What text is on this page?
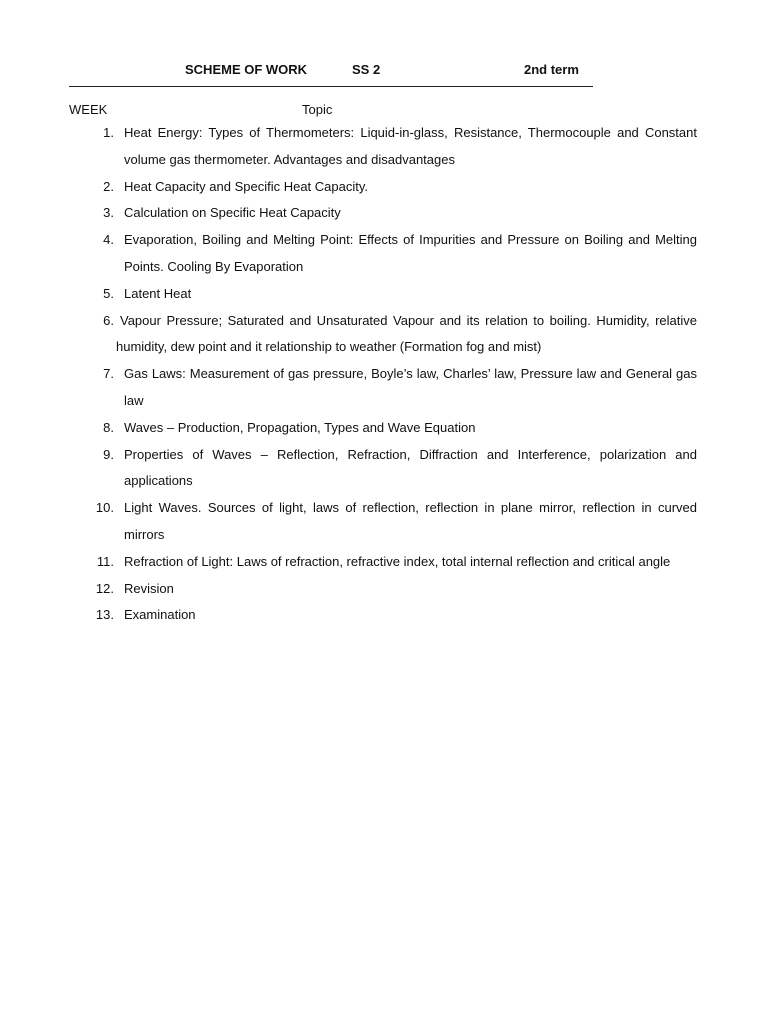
SCHEME OF WORK	SS 2	2nd term
WEEK	Topic
1. Heat Energy: Types of Thermometers: Liquid-in-glass, Resistance, Thermocouple and Constant volume gas thermometer. Advantages and disadvantages
2. Heat Capacity and Specific Heat Capacity.
3. Calculation on Specific Heat Capacity
4. Evaporation, Boiling and Melting Point: Effects of Impurities and Pressure on Boiling and Melting Points. Cooling By Evaporation
5. Latent Heat
6. Vapour Pressure; Saturated and Unsaturated Vapour and its relation to boiling. Humidity, relative humidity, dew point and it relationship to weather (Formation fog and mist)
7. Gas Laws: Measurement of gas pressure, Boyle’s law, Charles’ law, Pressure law and General gas law
8. Waves – Production, Propagation, Types and Wave Equation
9. Properties of Waves – Reflection, Refraction, Diffraction and Interference, polarization and applications
10. Light Waves. Sources of light, laws of reflection, reflection in plane mirror, reflection in curved mirrors
11. Refraction of Light: Laws of refraction, refractive index, total internal reflection and critical angle
12. Revision
13. Examination
